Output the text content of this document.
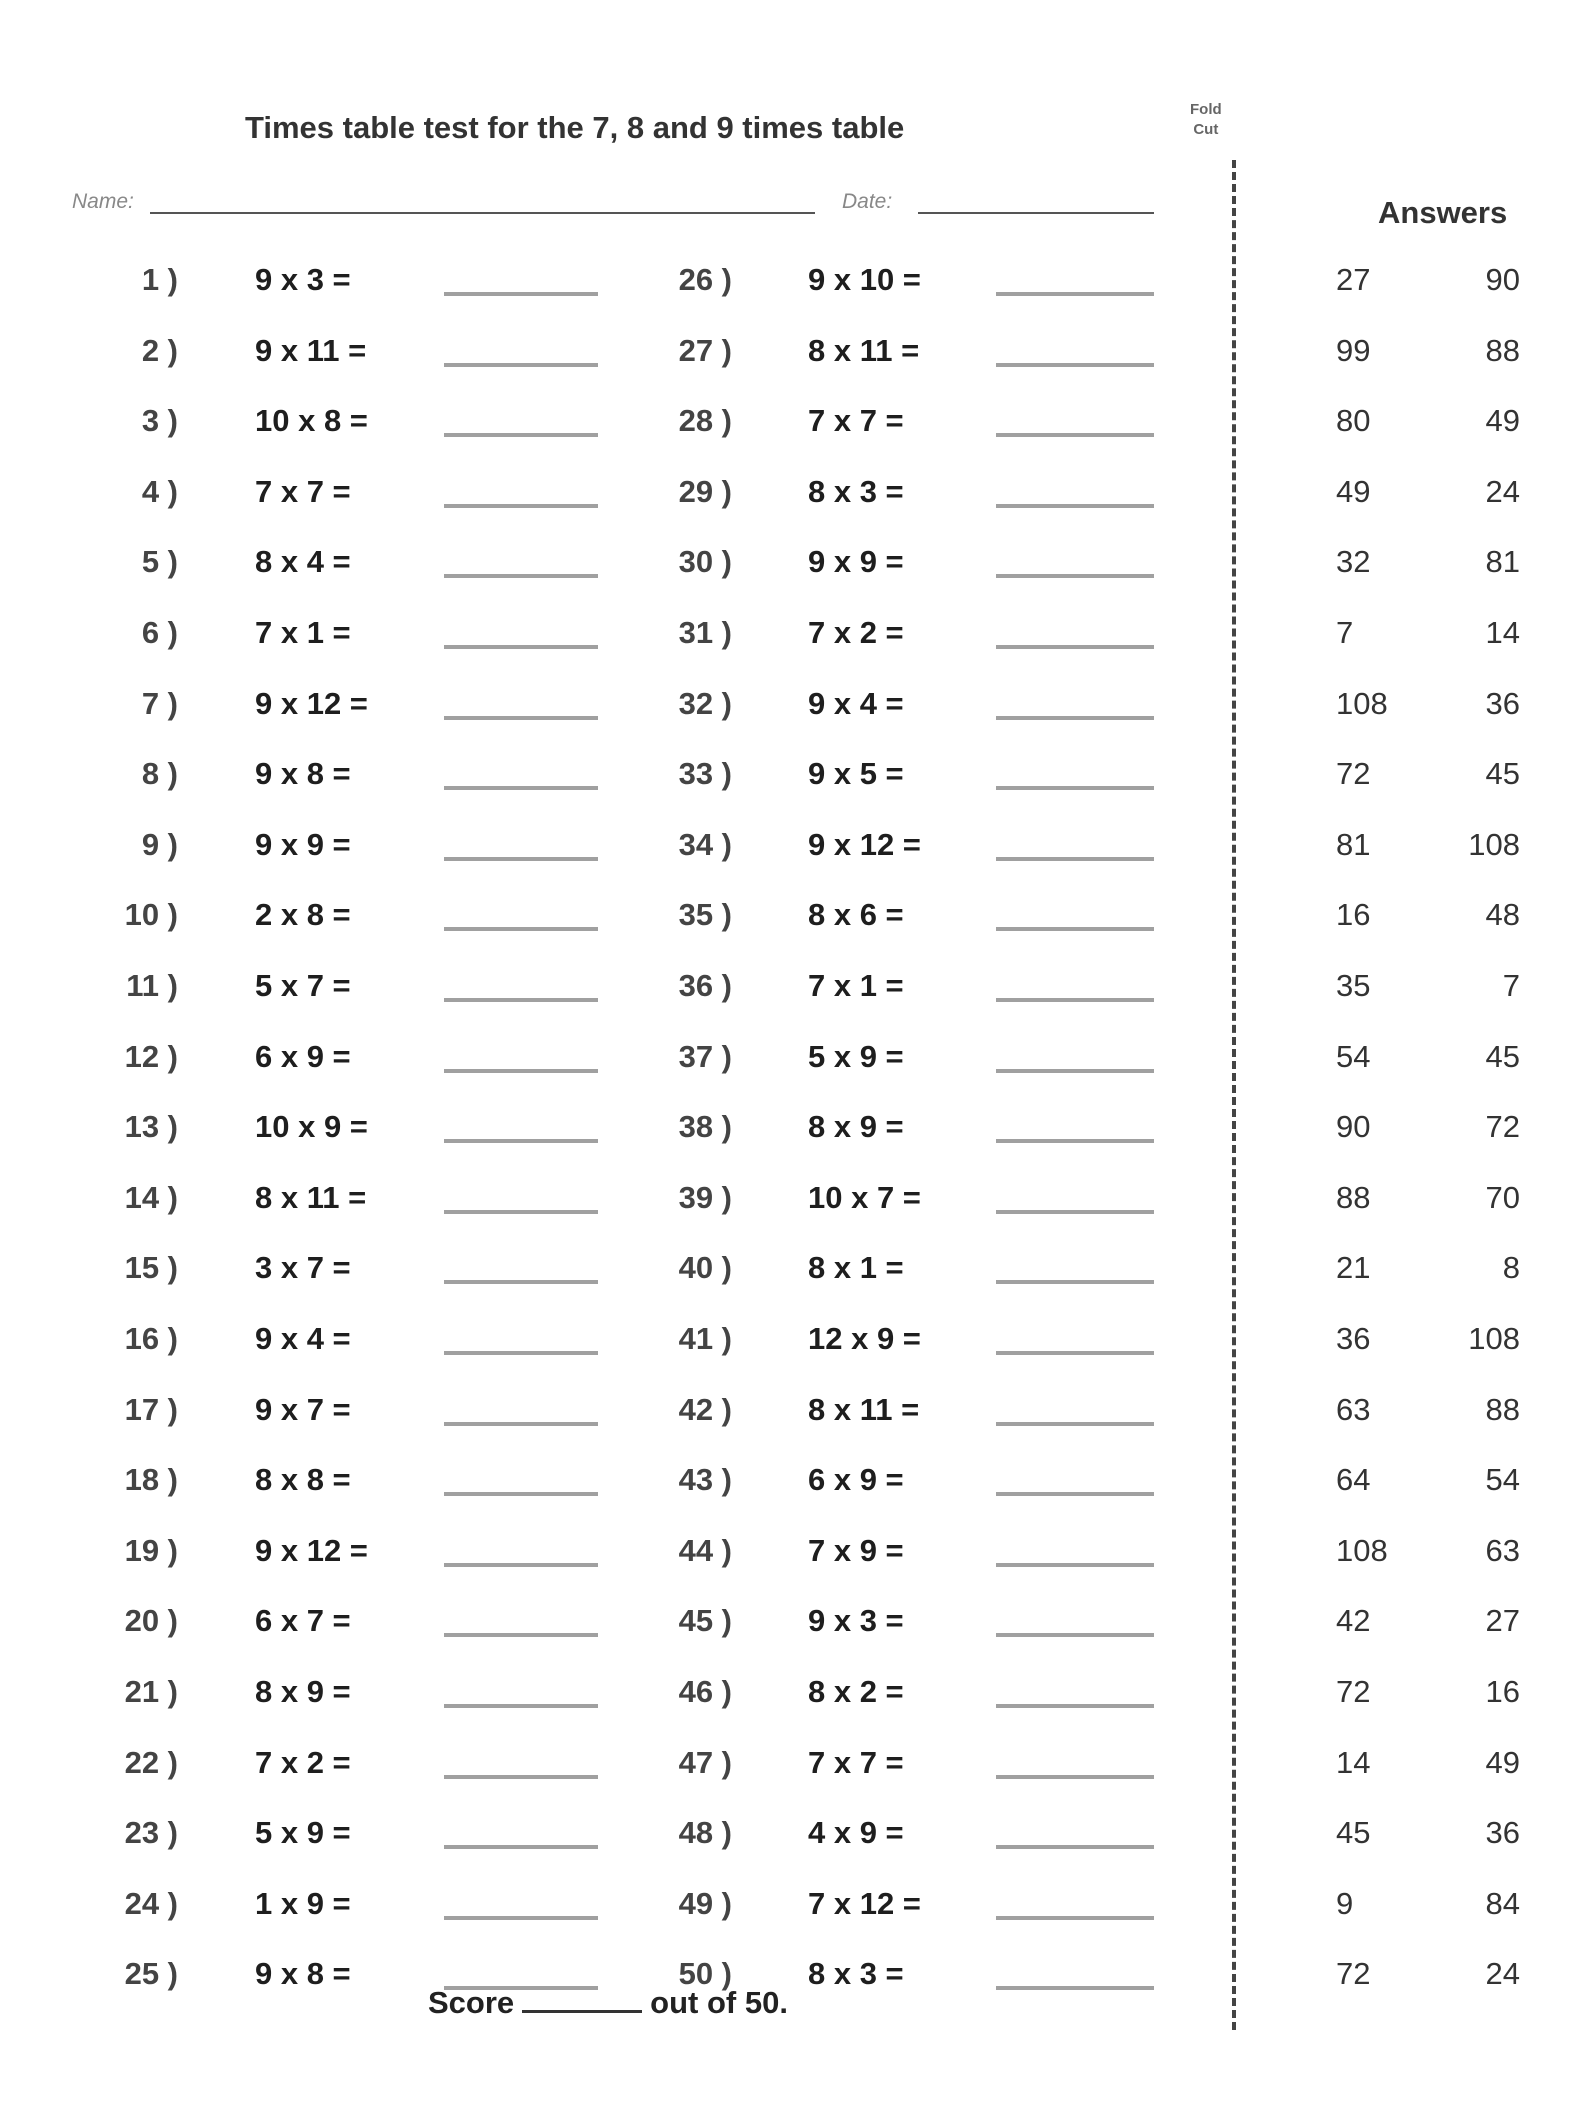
Times table test for the 7, 8 and 9 times table
Name:	Date:
Fold
Cut
Answers
1 ) 9 x 3 =
2 ) 9 x 11 =
3 ) 10 x 8 =
4 ) 7 x 7 =
5 ) 8 x 4 =
6 ) 7 x 1 =
7 ) 9 x 12 =
8 ) 9 x 8 =
9 ) 9 x 9 =
10 ) 2 x 8 =
11 ) 5 x 7 =
12 ) 6 x 9 =
13 ) 10 x 9 =
14 ) 8 x 11 =
15 ) 3 x 7 =
16 ) 9 x 4 =
17 ) 9 x 7 =
18 ) 8 x 8 =
19 ) 9 x 12 =
20 ) 6 x 7 =
21 ) 8 x 9 =
22 ) 7 x 2 =
23 ) 5 x 9 =
24 ) 1 x 9 =
25 ) 9 x 8 =
26 ) 9 x 10 =
27 ) 8 x 11 =
28 ) 7 x 7 =
29 ) 8 x 3 =
30 ) 9 x 9 =
31 ) 7 x 2 =
32 ) 9 x 4 =
33 ) 9 x 5 =
34 ) 9 x 12 =
35 ) 8 x 6 =
36 ) 7 x 1 =
37 ) 5 x 9 =
38 ) 8 x 9 =
39 ) 10 x 7 =
40 ) 8 x 1 =
41 ) 12 x 9 =
42 ) 8 x 11 =
43 ) 6 x 9 =
44 ) 7 x 9 =
45 ) 9 x 3 =
46 ) 8 x 2 =
47 ) 7 x 7 =
48 ) 4 x 9 =
49 ) 7 x 12 =
50 ) 8 x 3 =
27
99
80
49
32
7
108
72
81
16
35
54
90
88
21
36
63
64
108
42
72
14
45
9
72
90
88
49
24
81
14
36
45
108
48
7
45
72
70
8
108
88
54
63
27
16
49
36
84
24
Score	out of 50.
